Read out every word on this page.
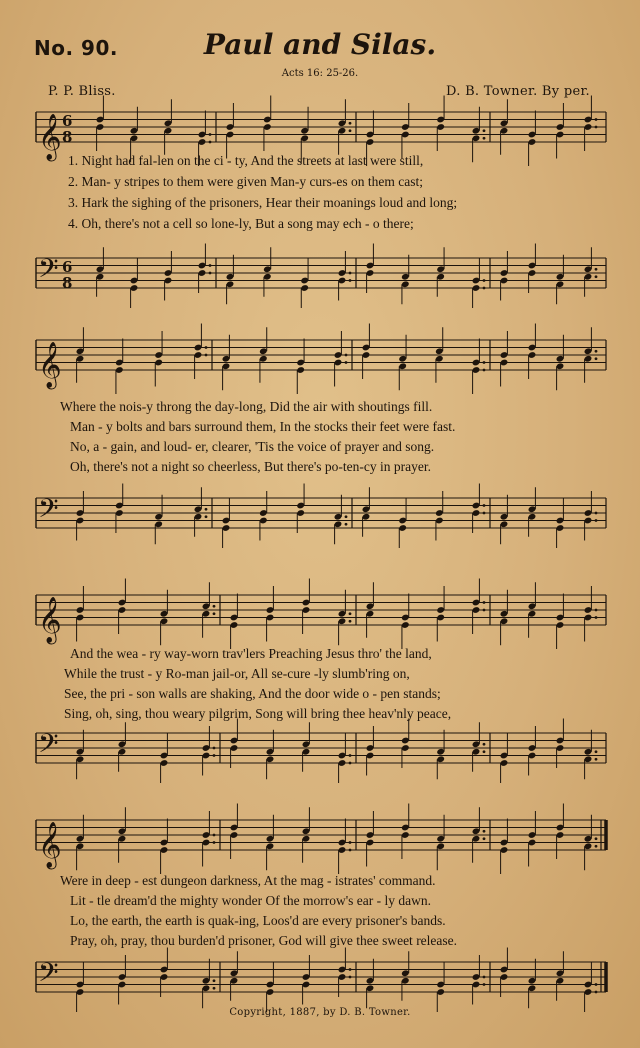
No. 90.	Paul and Silas.
Acts 16: 25-26.
P. P. Bliss.	D. B. Towner. By per.
𝄞 6
8
𝄢 6
8
𝄞
𝄢
𝄞
𝄢
𝄞
𝄢
1. Night had fal-len on the ci - ty, And the streets at last were still,
2. Man- y stripes to them were given Man-y curs-es on them cast;
3. Hark the sighing of the prisoners, Hear their moanings loud and long;
4. Oh, there's not a cell so lone-ly, But a song may ech - o there;
Where the nois-y throng the day-long, Did the air with shoutings fill.
Man - y bolts and bars surround them, In the stocks their feet were fast.
No, a - gain, and loud- er, clearer, 'Tis the voice of prayer and song.
Oh, there's not a night so cheerless, But there's po-ten-cy in prayer.
And the wea - ry way-worn trav'lers Preaching Jesus thro' the land,
While the trust - y Ro-man jail-or, All se-cure -ly slumb'ring on,
See, the pri - son walls are shaking, And the door wide o - pen stands;
Sing, oh, sing, thou weary pilgrim, Song will bring thee heav'nly peace,
Were in deep - est dungeon darkness, At the mag - istrates' command.
Lit - tle dream'd the mighty wonder Of the morrow's ear - ly dawn.
Lo, the earth, the earth is quak-ing, Loos'd are every prisoner's bands.
Pray, oh, pray, thou burden'd prisoner, God will give thee sweet release.
Copyright, 1887, by D. B. Towner.
